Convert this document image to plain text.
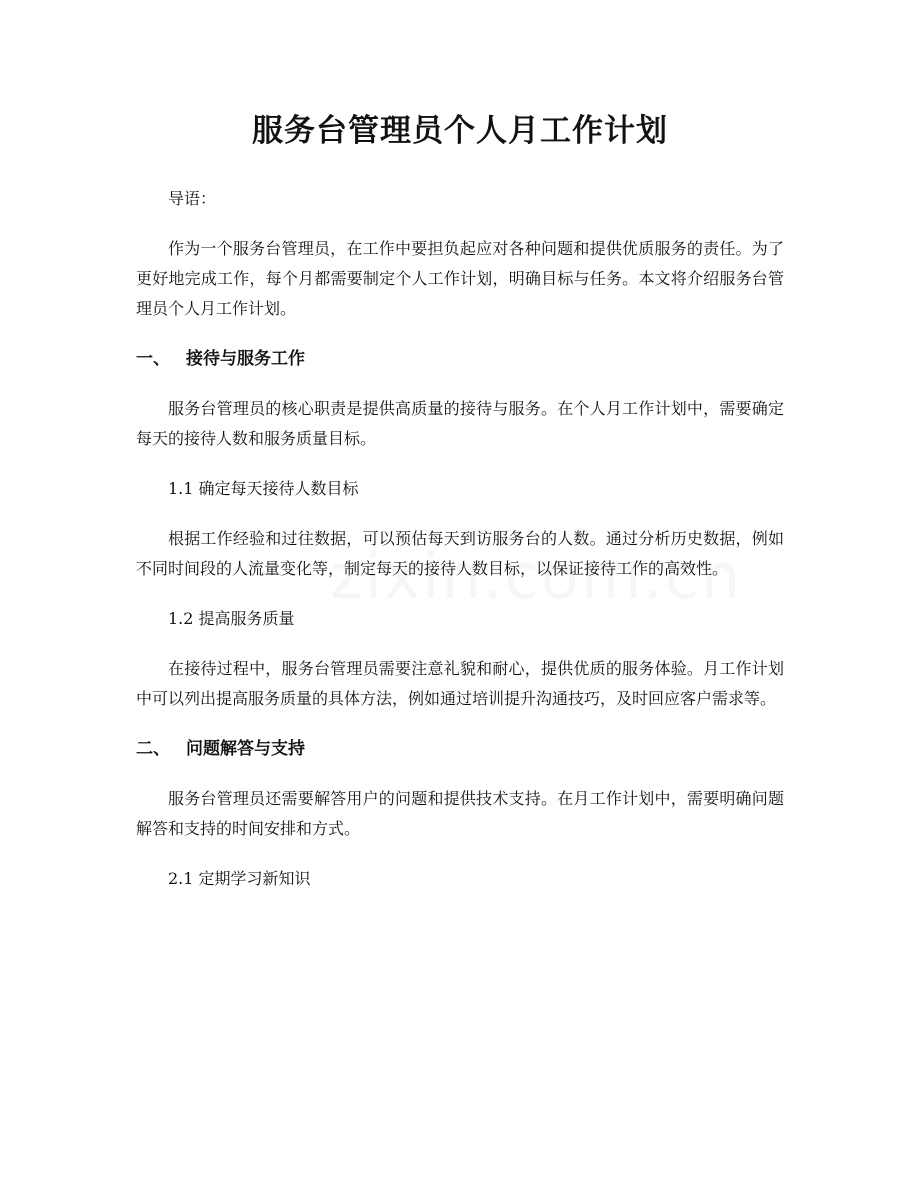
服务台管理员个人月工作计划

导语：

作为一个服务台管理员，在工作中要担负起应对各种问题和提供优质服务的责任。为了更好地完成工作，每个月都需要制定个人工作计划，明确目标与任务。本文将介绍服务台管理员个人月工作计划。

一、 接待与服务工作

服务台管理员的核心职责是提供高质量的接待与服务。在个人月工作计划中，需要确定每天的接待人数和服务质量目标。

1.1 确定每天接待人数目标

根据工作经验和过往数据，可以预估每天到访服务台的人数。通过分析历史数据，例如不同时间段的人流量变化等，制定每天的接待人数目标，以保证接待工作的高效性。

1.2 提高服务质量

在接待过程中，服务台管理员需要注意礼貌和耐心，提供优质的服务体验。月工作计划中可以列出提高服务质量的具体方法，例如通过培训提升沟通技巧，及时回应客户需求等。

二、 问题解答与支持

服务台管理员还需要解答用户的问题和提供技术支持。在月工作计划中，需要明确问题解答和支持的时间安排和方式。

2.1 定期学习新知识
